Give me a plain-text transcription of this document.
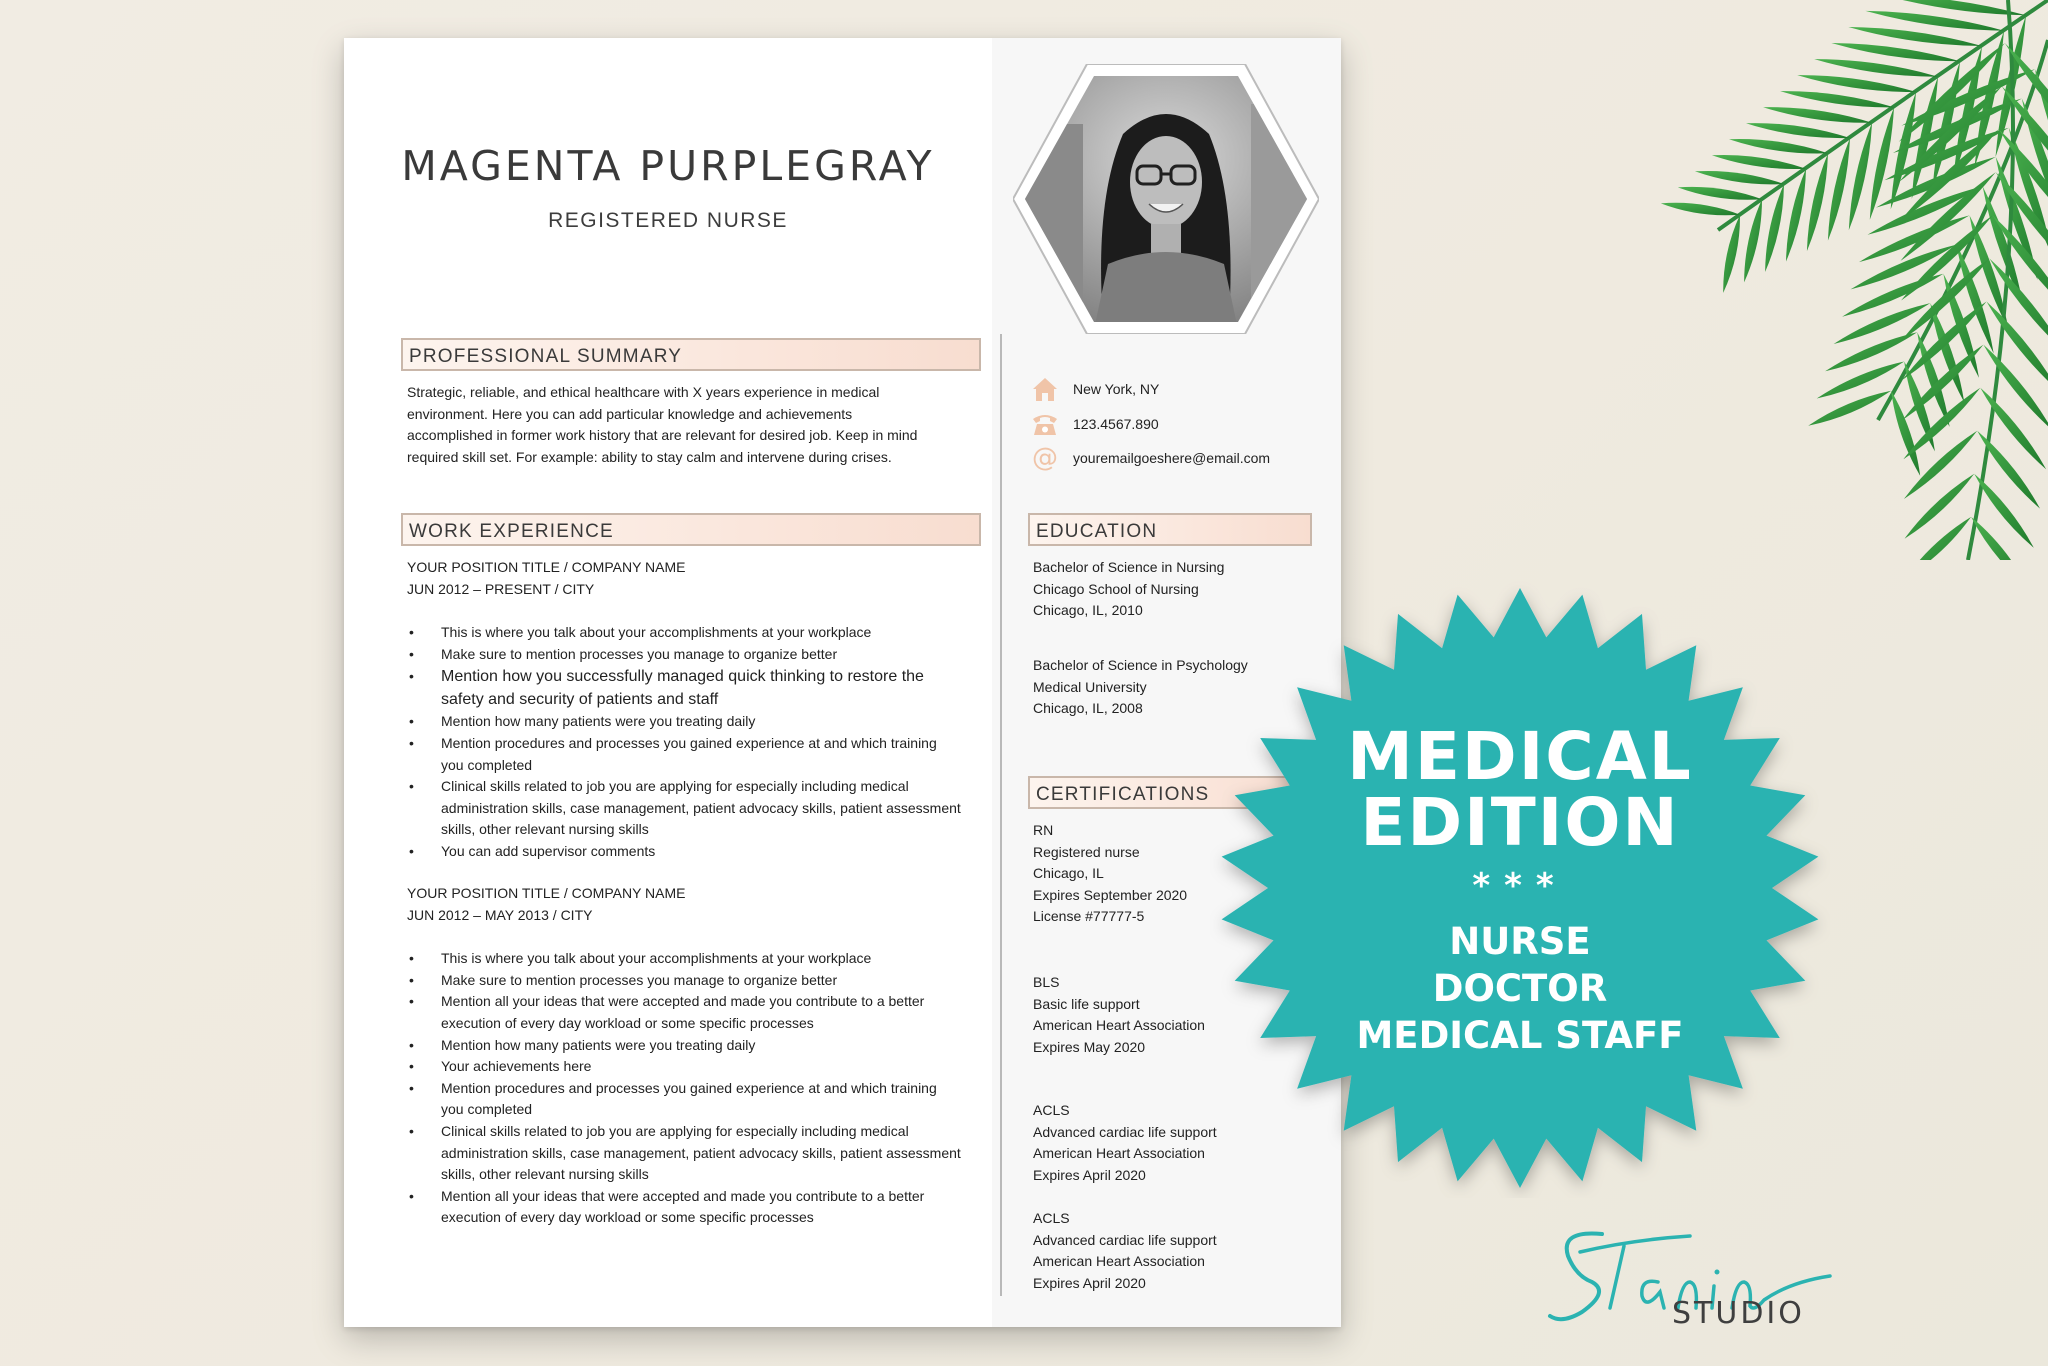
MAGENTA PURPLEGRAY
REGISTERED NURSE
PROFESSIONAL SUMMARY
Strategic, reliable, and ethical healthcare with X years experience in medical
environment. Here you can add particular knowledge and achievements
accomplished in former work history that are relevant for desired job. Keep in mind
required skill set. For example: ability to stay calm and intervene during crises.
WORK EXPERIENCE
YOUR POSITION TITLE / COMPANY NAME
JUN 2012 – PRESENT / CITY
• This is where you talk about your accomplishments at your workplace
• Make sure to mention processes you manage to organize better
• Mention how you successfully managed quick thinking to restore the safety and security of patients and staff
• Mention how many patients were you treating daily
• Mention procedures and processes you gained experience at and which training you completed
• Clinical skills related to job you are applying for especially including medical administration skills, case management, patient advocacy skills, patient assessment skills, other relevant nursing skills
• You can add supervisor comments
YOUR POSITION TITLE / COMPANY NAME
JUN 2012 – MAY 2013 / CITY
• This is where you talk about your accomplishments at your workplace
• Make sure to mention processes you manage to organize better
• Mention all your ideas that were accepted and made you contribute to a better execution of every day workload or some specific processes
• Mention how many patients were you treating daily
• Your achievements here
• Mention procedures and processes you gained experience at and which training you completed
• Clinical skills related to job you are applying for especially including medical administration skills, case management, patient advocacy skills, patient assessment skills, other relevant nursing skills
• Mention all your ideas that were accepted and made you contribute to a better execution of every day workload or some specific processes
New York, NY
123.4567.890
@ youremailgoeshere@email.com
EDUCATION
Bachelor of Science in Nursing
Chicago School of Nursing
Chicago, IL, 2010
Bachelor of Science in Psychology
Medical University
Chicago, IL, 2008
CERTIFICATIONS
RN
Registered nurse
Chicago, IL
Expires September 2020
License #77777-5
BLS
Basic life support
American Heart Association
Expires May 2020
ACLS
Advanced cardiac life support
American Heart Association
Expires April 2020
ACLS
Advanced cardiac life support
American Heart Association
Expires April 2020
MEDICAL
EDITION
***
NURSE
DOCTOR
MEDICAL STAFF
STUDIO
